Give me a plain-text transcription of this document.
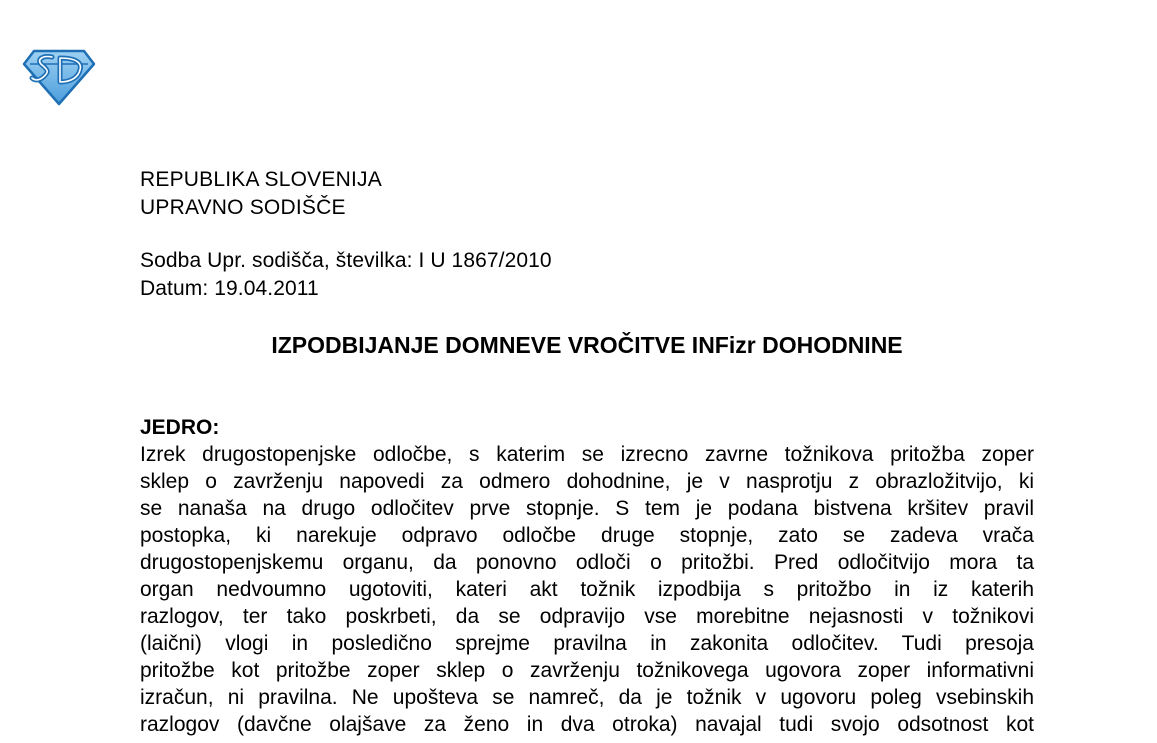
REPUBLIKA SLOVENIJA
UPRAVNO SODIŠČE
Sodba Upr. sodišča, številka: I U 1867/2010
Datum: 19.04.2011
IZPODBIJANJE DOMNEVE VROČITVE INFizr DOHODNINE
JEDRO:
Izrek drugostopenjske odločbe, s katerim se izrecno zavrne tožnikova pritožba zoper
sklep o zavrženju napovedi za odmero dohodnine, je v nasprotju z obrazložitvijo, ki
se nanaša na drugo odločitev prve stopnje. S tem je podana bistvena kršitev pravil
postopka, ki narekuje odpravo odločbe druge stopnje, zato se zadeva vrača
drugostopenjskemu organu, da ponovno odloči o pritožbi. Pred odločitvijo mora ta
organ nedvoumno ugotoviti, kateri akt tožnik izpodbija s pritožbo in iz katerih
razlogov, ter tako poskrbeti, da se odpravijo vse morebitne nejasnosti v tožnikovi
(laični) vlogi in posledično sprejme pravilna in zakonita odločitev. Tudi presoja
pritožbe kot pritožbe zoper sklep o zavrženju tožnikovega ugovora zoper informativni
izračun, ni pravilna. Ne upošteva se namreč, da je tožnik v ugovoru poleg vsebinskih
razlogov (davčne olajšave za ženo in dva otroka) navajal tudi svojo odsotnost kot
